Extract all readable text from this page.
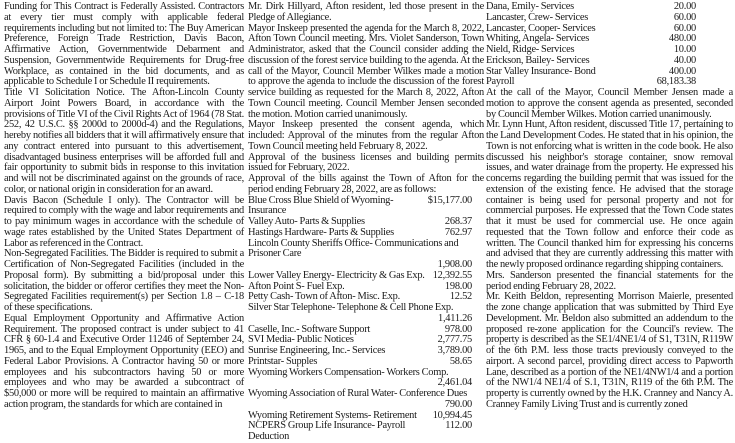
Funding for This Contract is Federally Assisted. Contractors at every tier must comply with applicable federal requirements including but not limited to: The Buy American Preference, Foreign Trade Restriction, Davis Bacon, Affirmative Action, Governmentwide Debarment and Suspension, Governmentwide Requirements for Drug-free Workplace, as contained in the bid documents, and as applicable to Schedule I or Schedule II requirements.

Title VI Solicitation Notice. The Afton-Lincoln County Airport Joint Powers Board, in accordance with the provisions of Title VI of the Civil Rights Act of 1964 (78 Stat. 252, 42 U.S.C. §§ 2000d to 2000d-4) and the Regulations, hereby notifies all bidders that it will affirmatively ensure that any contract entered into pursuant to this advertisement, disadvantaged business enterprises will be afforded full and fair opportunity to submit bids in response to this invitation and will not be discriminated against on the grounds of race, color, or national origin in consideration for an award.

Davis Bacon (Schedule I only). The Contractor will be required to comply with the wage and labor requirements and to pay minimum wages in accordance with the schedule of wage rates established by the United States Department of Labor as referenced in the Contract.

Non-Segregated Facilities. The Bidder is required to submit a Certification of Non-Segregated Facilities (included in the Proposal form). By submitting a bid/proposal under this solicitation, the bidder or offeror certifies they meet the Non-Segregated Facilities requirement(s) per Section 1.8 – C-18 of these specifications.

Equal Employment Opportunity and Affirmative Action Requirement. The proposed contract is under subject to 41 CFR § 60-1.4 and Executive Order 11246 of September 24, 1965, and to the Equal Employment Opportunity (EEO) and Federal Labor Provisions. A Contractor having 50 or more employees and his subcontractors having 50 or more employees and who may be awarded a subcontract of $50,000 or more will be required to maintain an affirmative action program, the standards for which are contained in

Mr. Dirk Hillyard, Afton resident, led those present in the Pledge of Allegiance.

Mayor Inskeep presented the agenda for the March 8, 2022, Afton Town Council meeting. Mrs. Violet Sanderson, Town Administrator, asked that the Council consider adding the discussion of the forest service building to the agenda. At the call of the Mayor, Council Member Wilkes made a motion to approve the agenda to include the discussion of the forest service building as requested for the March 8, 2022, Afton Town Council meeting. Council Member Jensen seconded the motion. Motion carried unanimously.

Mayor Inskeep presented the consent agenda, which included: Approval of the minutes from the regular Afton Town Council meeting held February 8, 2022.

Approval of the business licenses and building permits issued for February, 2022.

Approval of the bills against the Town of Afton for the period ending February 28, 2022, are as follows:

Blue Cross Blue Shield of Wyoming- Insurance
$15,177.00
Valley Auto- Parts & Supplies	268.37
Hastings Hardware- Parts & Supplies	762.97
Lincoln County Sheriffs Office- Communications and Prisoner Care
1,908.00
Lower Valley Energy- Electricity & Gas Exp. 12,392.55
Afton Point S- Fuel Exp.	198.00
Petty Cash- Town of Afton- Misc. Exp.	12.52
Silver Star Telephone- Telephone & Cell Phone Exp.
1,411.26
Caselle, Inc.- Software Support	978.00
SVI Media- Public Notices	2,777.75
Sunrise Engineering, Inc.- Services	3,789.00
Printstar- Supples	58.65
Wyoming Workers Compensation- Workers Comp.
2,461.04
Wyoming Association of Rural Water- Conference Dues
790.00
Wyoming Retirement Systems- Retirement 10,994.45
NCPERS Group Life Insurance- Payroll Deduction
112.00
Dana, Emily- Services	20.00
Lancaster, Crew- Services	60.00
Lancaster, Cooper- Services	60.00
Whiting, Angela- Services	480.00
Nield, Ridge- Services	10.00
Erickson, Bailey- Services	40.00
Star Valley Insurance- Bond	400.00
Payroll	68,183.38

At the call of the Mayor, Council Member Jensen made a motion to approve the consent agenda as presented, seconded by Council Member Wilkes. Motion carried unanimously.

Mr. Lynn Hunt, Afton resident, discussed Title 17, pertaining to the Land Development Codes. He stated that in his opinion, the Town is not enforcing what is written in the code book. He also discussed his neighbor's storage container, snow removal issues, and water drainage from the property. He expressed his concerns regarding the building permit that was issued for the extension of the existing fence. He advised that the storage container is being used for personal property and not for commercial purposes. He expressed that the Town Code states that it must be used for commercial use. He once again requested that the Town follow and enforce their code as written. The Council thanked him for expressing his concerns and advised that they are currently addressing this matter with the newly proposed ordinance regarding shipping containers.

Mrs. Sanderson presented the financial statements for the period ending February 28, 2022.

Mr. Keith Beldon, representing Morrison Maierle, presented the zone change application that was submitted by Third Eye Development. Mr. Beldon also submitted an addendum to the proposed re-zone application for the Council's review. The property is described as the SE1/4NE1/4 of S1, T31N, R119W of the 6th P.M. less those tracts previously conveyed to the airport. A second parcel, providing direct access to Papworth Lane, described as a portion of the NE1/4NW1/4 and a portion of the NW1/4 NE1/4 of S.1, T31N, R119 of the 6th P.M. The property is currently owned by the H.K. Cranney and Nancy A. Cranney Family Living Trust and is currently zoned
